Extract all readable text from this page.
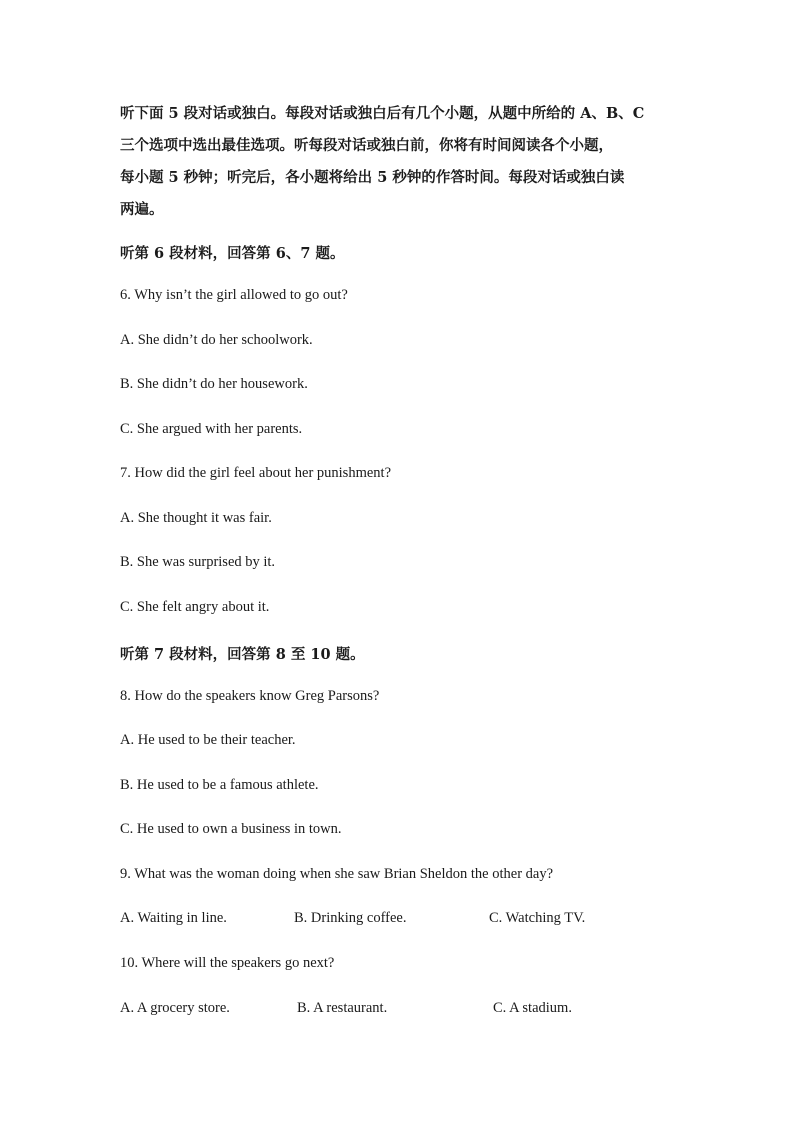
听下面 5 段对话或独白。每段对话或独白后有几个小题，从题中所给的 A、B、C
三个选项中选出最佳选项。听每段对话或独白前，你将有时间阅读各个小题，
每小题 5 秒钟；听完后，各小题将给出 5 秒钟的作答时间。每段对话或独白读
两遍。
听第 6 段材料，回答第 6、7 题。
6. Why isn’t the girl allowed to go out?
A. She didn’t do her schoolwork.
B. She didn’t do her housework.
C. She argued with her parents.
7. How did the girl feel about her punishment?
A. She thought it was fair.
B. She was surprised by it.
C. She felt angry about it.
听第 7 段材料，回答第 8 至 10 题。
8. How do the speakers know Greg Parsons?
A. He used to be their teacher.
B. He used to be a famous athlete.
C. He used to own a business in town.
9. What was the woman doing when she saw Brian Sheldon the other day?
A. Waiting in line.	B. Drinking coffee.	C. Watching TV.
10. Where will the speakers go next?
A. A grocery store.	B. A restaurant.	C. A stadium.
